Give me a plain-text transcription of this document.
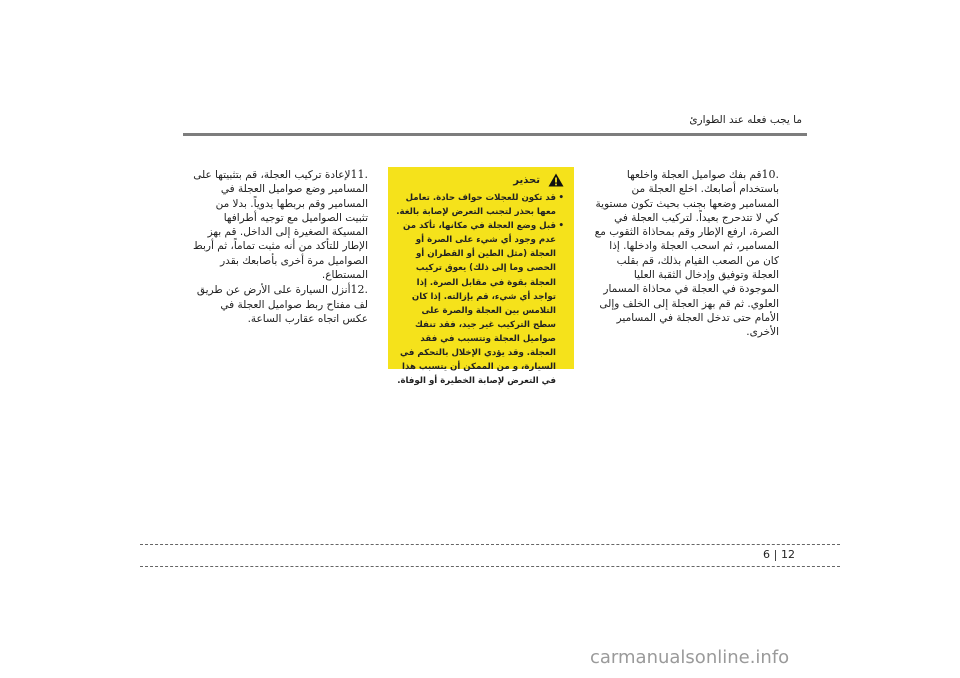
ما يجب فعله عند الطوارئ

.10قم بفك صواميل العجلة واخلعها باستخدام أصابعك. اخلع العجلة من المسامير وضعها بجنب بحيث تكون مستوية كي لا تتدحرج بعيداً. لتركيب العجلة في الصرة، ارفع الإطار وقم بمحاذاة الثقوب مع المسامير، ثم اسحب العجلة وادخلها. إذا كان من الصعب القيام بذلك، قم بقلب العجلة وتوفيق وإدخال الثقبة العليا الموجودة في العجلة في محاذاة المسمار العلوي. ثم قم بهز العجلة إلى الخلف وإلى الأمام حتى تدخل العجلة في المسامير الأخرى.

تحذير
•
قد تكون للعجلات حواف حادة. تعامل معها بحذر لتجنب التعرض لإصابة بالغة.
•
قبل وضع العجلة في مكانها، تأكد من عدم وجود أي شيء على الصرة أو العجلة (مثل الطين أو القطران أو الحصى وما إلى ذلك) يعوق تركيب العجلة بقوة في مقابل الصرة. إذا تواجد أي شيء، قم بإزالته. إذا كان التلامس بين العجلة والصرة على سطح التركيب غير جيد، فقد تنفك صواميل العجلة وتتسبب في فقد العجلة. وقد يؤدي الإخلال بالتحكم في السيارة، و من الممكن أن يتسبب هذا في التعرض لإصابة الخطيرة أو الوفاة.

.11لإعادة تركيب العجلة، قم بتثبيتها على المسامير وضع صواميل العجلة في المسامير وقم بربطها يدوياً. بدلا من تثبيت الصواميل مع توجيه أطرافها المسيكة الصغيرة إلى الداخل. قم بهز الإطار للتأكد من أنه مثبت تماماً، ثم أربط الصواميل مرة أخرى بأصابعك بقدر المستطاع.

.12أنزل السيارة على الأرض عن طريق لف مفتاح ربط صواميل العجلة في عكس اتجاه عقارب الساعة.

6 12
carmanualsonline.info
